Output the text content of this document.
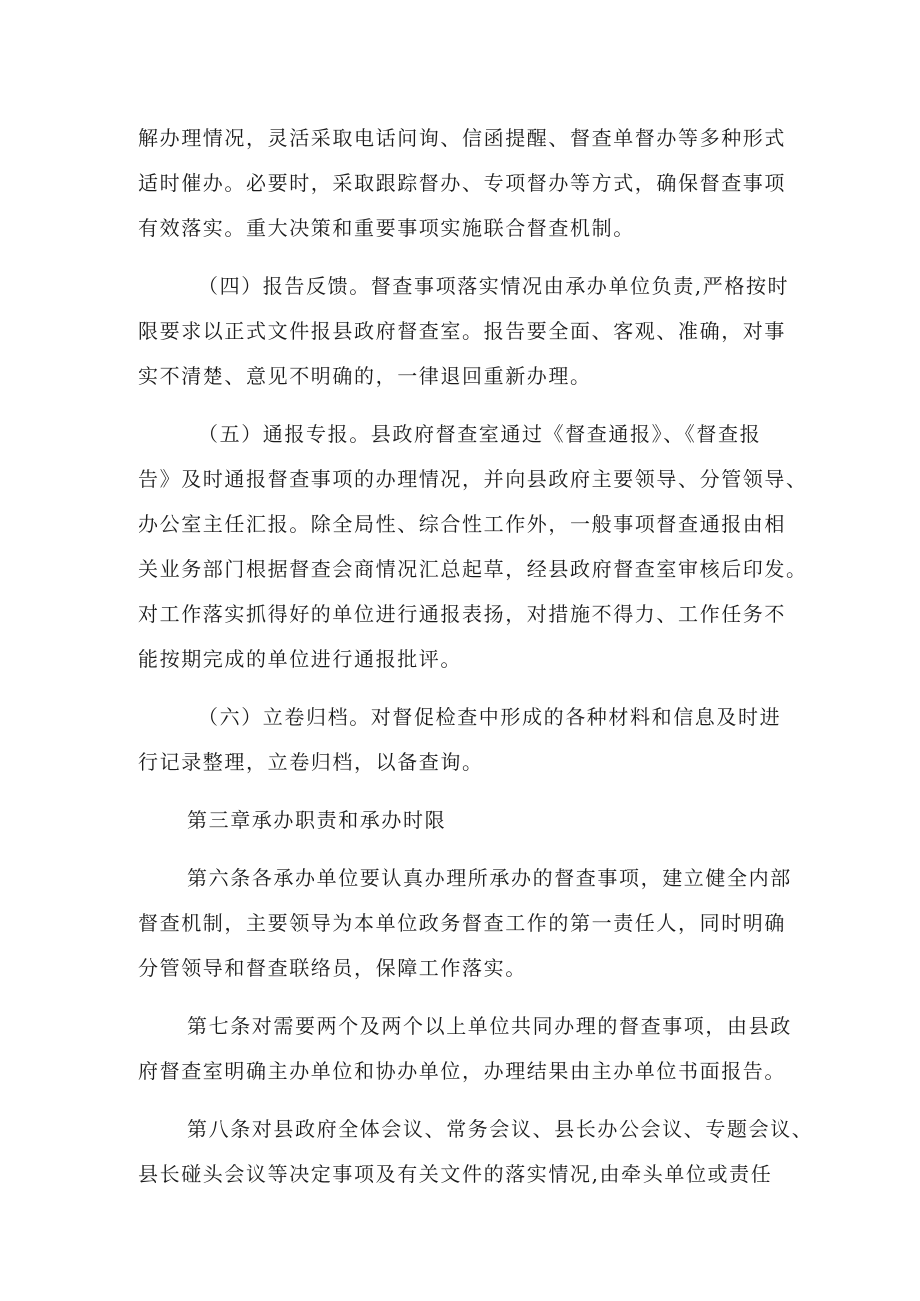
解办理情况，灵活采取电话问询、信函提醒、督查单督办等多种形式
适时催办。必要时，采取跟踪督办、专项督办等方式，确保督查事项
有效落实。重大决策和重要事项实施联合督查机制。
（四）报告反馈。督查事项落实情况由承办单位负责,严格按时
限要求以正式文件报县政府督查室。报告要全面、客观、准确，对事
实不清楚、意见不明确的，一律退回重新办理。
（五）通报专报。县政府督查室通过《督查通报》、《督查报
告》及时通报督查事项的办理情况，并向县政府主要领导、分管领导、
办公室主任汇报。除全局性、综合性工作外，一般事项督查通报由相
关业务部门根据督查会商情况汇总起草，经县政府督查室审核后印发。
对工作落实抓得好的单位进行通报表扬，对措施不得力、工作任务不
能按期完成的单位进行通报批评。
（六）立卷归档。对督促检查中形成的各种材料和信息及时进
行记录整理，立卷归档，以备查询。
第三章承办职责和承办时限
第六条各承办单位要认真办理所承办的督查事项，建立健全内部
督查机制，主要领导为本单位政务督查工作的第一责任人，同时明确
分管领导和督查联络员，保障工作落实。
第七条对需要两个及两个以上单位共同办理的督查事项，由县政
府督查室明确主办单位和协办单位，办理结果由主办单位书面报告。
第八条对县政府全体会议、常务会议、县长办公会议、专题会议、
县长碰头会议等决定事项及有关文件的落实情况,由牵头单位或责任
